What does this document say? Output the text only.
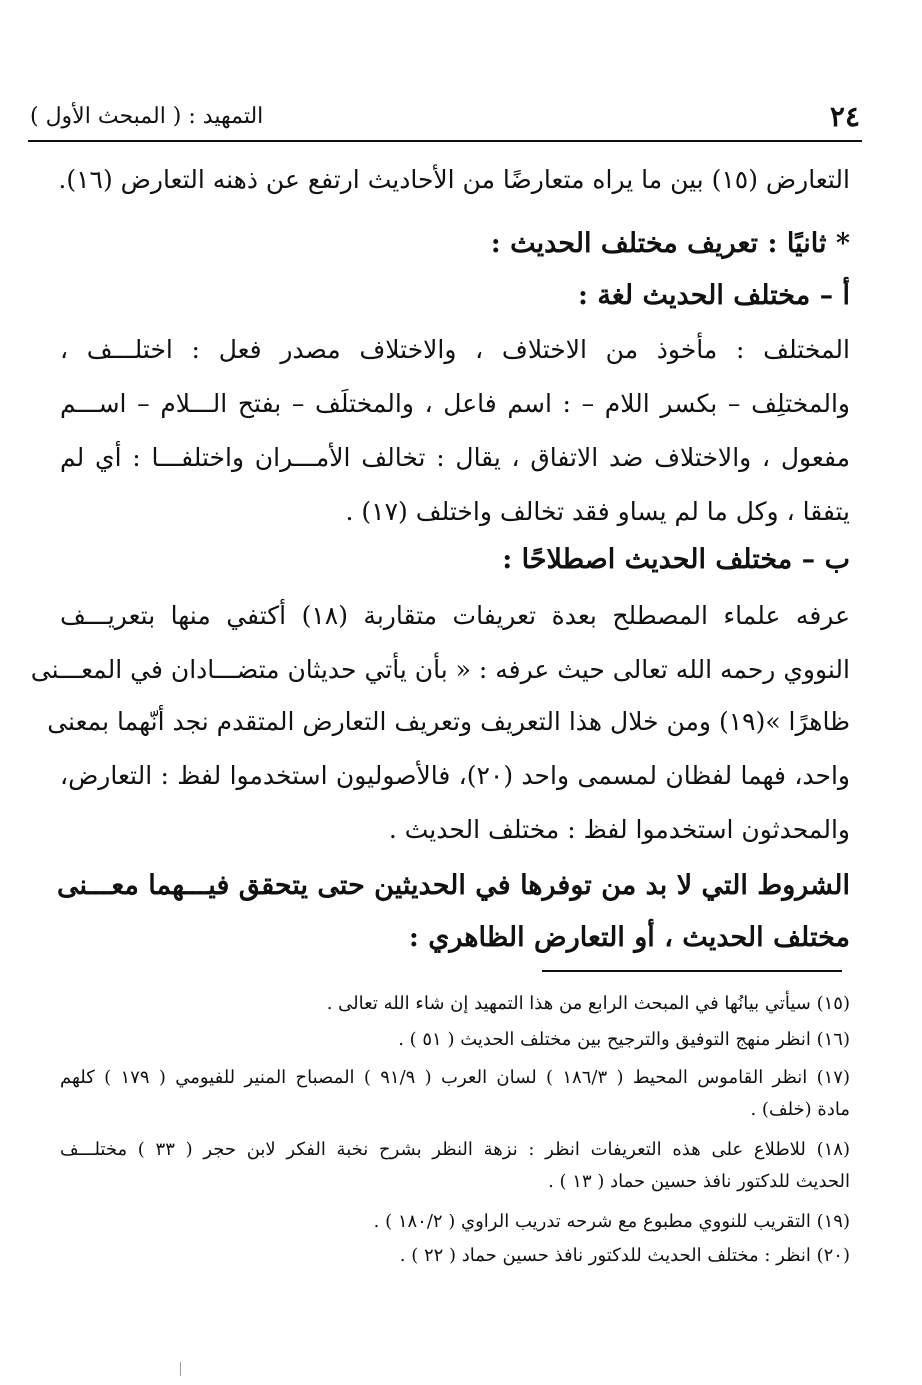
٢٤
التمهيد : ( المبحث الأول )
التعارض (١٥) بين ما يراه متعارضًا من الأحاديث ارتفع عن ذهنه التعارض (١٦).
* ثانيًا : تعريف مختلف الحديث :
أ – مختلف الحديث لغة :
المختلف : مأخوذ من الاختلاف ، والاختلاف مصدر فعل : اختلـــف ،
والمختلِف – بكسر اللام – : اسم فاعل ، والمختلَف – بفتح الـــلام – اســـم
مفعول ، والاختلاف ضد الاتفاق ، يقال : تخالف الأمـــران واختلفـــا : أي لم
يتفقا ، وكل ما لم يساو فقد تخالف واختلف (١٧) .
ب – مختلف الحديث اصطلاحًا :
عرفه علماء المصطلح بعدة تعريفات متقاربة (١٨) أكتفي منها بتعريـــف
النووي رحمه الله تعالى حيث عرفه : « بأن يأتي حديثان متضـــادان في المعـــنى
ظاهرًا »(١٩) ومن خلال هذا التعريف وتعريف التعارض المتقدم نجد أنّهما بمعنى
واحد، فهما لفظان لمسمى واحد (٢٠)، فالأصوليون استخدموا لفظ : التعارض،
والمحدثون استخدموا لفظ : مختلف الحديث .
الشروط التي لا بد من توفرها في الحديثين حتى يتحقق فيـــهما معـــنى
مختلف الحديث ، أو التعارض الظاهري :
(١٥) سيأتي بيانُها في المبحث الرابع من هذا التمهيد إن شاء الله تعالى .
(١٦) انظر منهج التوفيق والترجيح بين مختلف الحديث ( ٥١ ) .
(١٧) انظر القاموس المحيط ( ١٨٦/٣ ) لسان العرب ( ٩١/٩ ) المصباح المنير للفيومي ( ١٧٩ ) كلهم
مادة (خلف) .
(١٨) للاطلاع على هذه التعريفات انظر : نزهة النظر بشرح نخبة الفكر لابن حجر ( ٣٣ ) مختلـــف
الحديث للدكتور نافذ حسين حماد ( ١٣ ) .
(١٩) التقريب للنووي مطبوع مع شرحه تدريب الراوي ( ١٨٠/٢ ) .
(٢٠) انظر : مختلف الحديث للدكتور نافذ حسين حماد ( ٢٢ ) .
